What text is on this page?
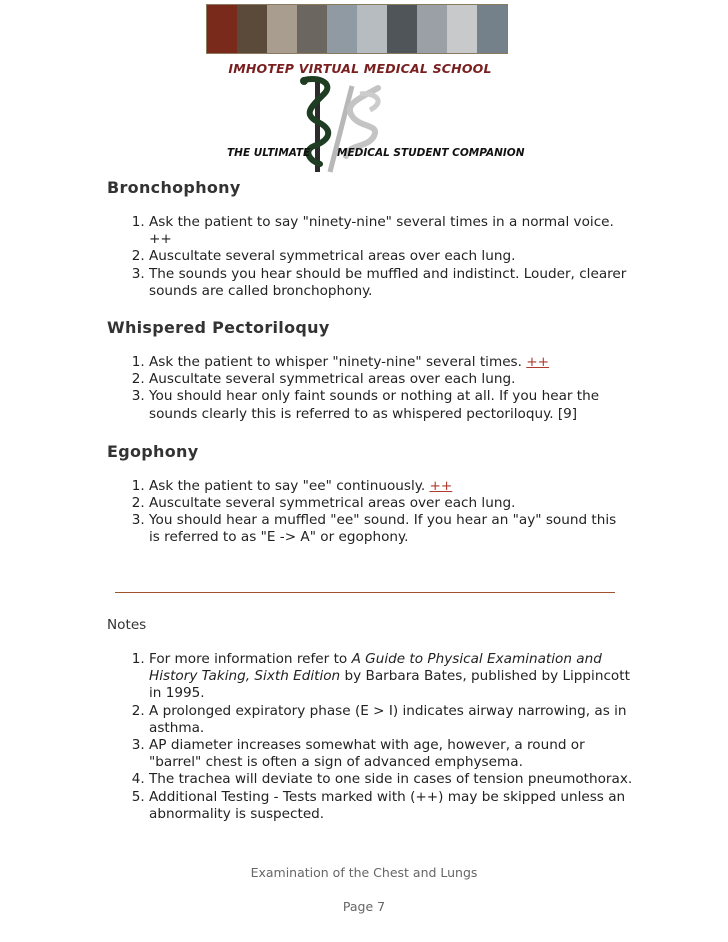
IMHOTEP VIRTUAL MEDICAL SCHOOL
THE ULTIMATE	MEDICAL STUDENT COMPANION
Bronchophony
1. Ask the patient to say "ninety-nine" several times in a normal voice. ++
2. Auscultate several symmetrical areas over each lung.
3. The sounds you hear should be muffled and indistinct. Louder, clearer sounds are called bronchophony.
Whispered Pectoriloquy
1. Ask the patient to whisper "ninety-nine" several times. ++
2. Auscultate several symmetrical areas over each lung.
3. You should hear only faint sounds or nothing at all. If you hear the sounds clearly this is referred to as whispered pectoriloquy. [9]
Egophony
1. Ask the patient to say "ee" continuously. ++
2. Auscultate several symmetrical areas over each lung.
3. You should hear a muffled "ee" sound. If you hear an "ay" sound this is referred to as "E -> A" or egophony.
Notes
1. For more information refer to A Guide to Physical Examination and History Taking, Sixth Edition by Barbara Bates, published by Lippincott in 1995.
2. A prolonged expiratory phase (E > I) indicates airway narrowing, as in asthma.
3. AP diameter increases somewhat with age, however, a round or "barrel" chest is often a sign of advanced emphysema.
4. The trachea will deviate to one side in cases of tension pneumothorax.
5. Additional Testing - Tests marked with (++) may be skipped unless an abnormality is suspected.
Examination of the Chest and Lungs
Page 7
